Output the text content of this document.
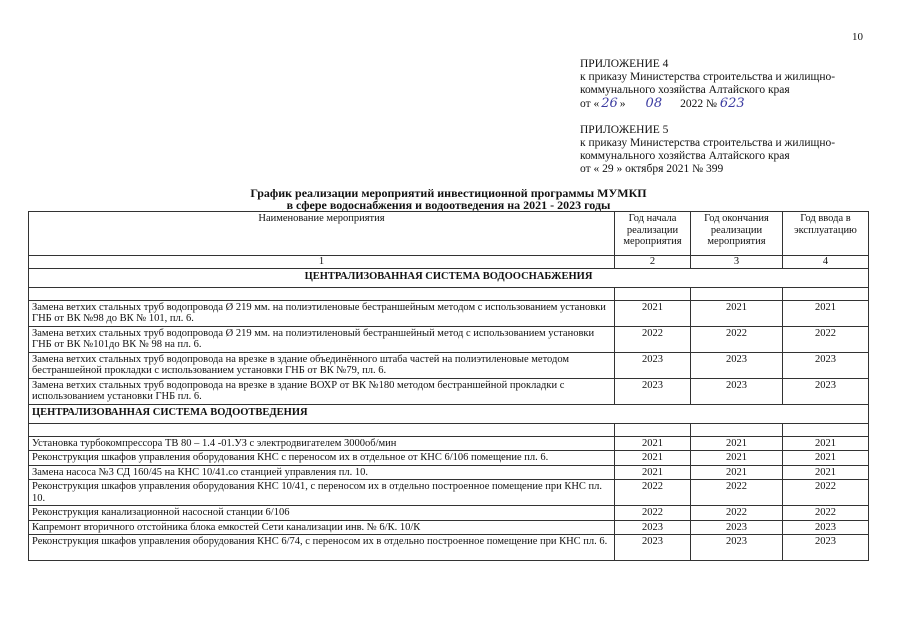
10
ПРИЛОЖЕНИЕ 4
к приказу Министерства строительства и жилищно-
коммунального хозяйства Алтайского края
от « 26 » 08 2022 № 623
ПРИЛОЖЕНИЕ 5
к приказу Министерства строительства и жилищно-
коммунального хозяйства Алтайского края
от « 29 » октября 2021 № 399
График реализации мероприятий инвестиционной программы МУМКП
в сфере водоснабжения и водоотведения на 2021 - 2023 годы
Наименование мероприятия	Год начала реализации мероприятия	Год окончания реализации мероприятия	Год ввода в эксплуатацию
1	2	3	4
ЦЕНТРАЛИЗОВАННАЯ СИСТЕМА ВОДООСНАБЖЕНИЯ			

Замена ветхих стальных труб водопровода Ø 219 мм. на полиэтиленовые бестраншейным методом с использованием установки ГНБ от ВК №98 до ВК № 101, пл. 6.	2021	2021	2021
Замена ветхих стальных труб водопровода Ø 219 мм. на полиэтиленовый бестраншейный метод с использованием установки ГНБ от ВК №101до ВК № 98 на пл. 6.	2022	2022	2022
Замена ветхих стальных труб водопровода на врезке в здание объединённого штаба частей на полиэтиленовые методом бестраншейной прокладки с использованием установки ГНБ от ВК №79, пл. 6.	2023	2023	2023
Замена ветхих стальных труб водопровода на врезке в здание ВОХР от ВК №180 методом бестраншейной прокладки с использованием установки ГНБ пл. 6.	2023	2023	2023
ЦЕНТРАЛИЗОВАННАЯ СИСТЕМА ВОДООТВЕДЕНИЯ			

Установка турбокомпрессора ТВ 80 – 1.4 -01.УЗ с электродвигателем 3000об/мин	2021	2021	2021
Реконструкция шкафов управления оборудования КНС с переносом их в отдельное от КНС 6/106 помещение пл. 6.	2021	2021	2021
Замена насоса №3 СД 160/45 на КНС 10/41.со станцией управления пл. 10.	2021	2021	2021
Реконструкция шкафов управления оборудования КНС 10/41, с переносом их в отдельно построенное помещение при КНС пл. 10.	2022	2022	2022
Реконструкция канализационной насосной станции 6/106	2022	2022	2022
Капремонт вторичного отстойника блока емкостей Сети канализации инв. № 6/К. 10/К	2023	2023	2023
Реконструкция шкафов управления оборудования КНС 6/74, с переносом их в отдельно построенное помещение при КНС пл. 6.	2023	2023	2023
